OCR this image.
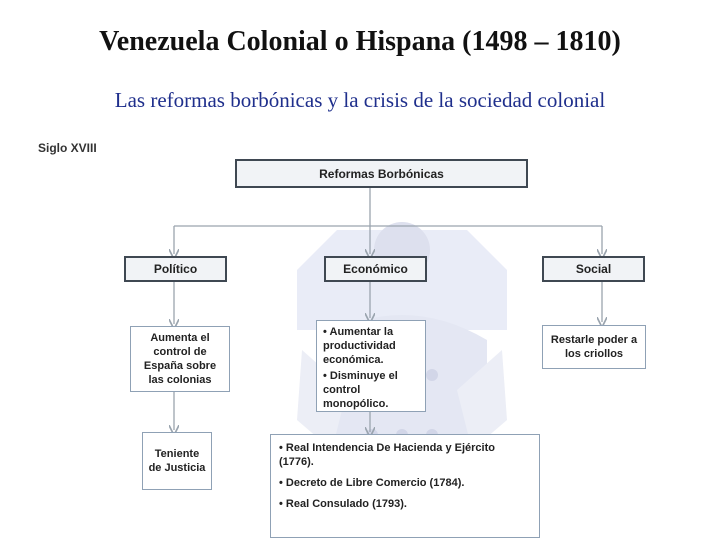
Venezuela Colonial o Hispana (1498 – 1810)
Las reformas borbónicas y la crisis de la sociedad colonial
Siglo XVIII
Reformas Borbónicas
Político	Económico	Social
Aumenta el control de España sobre las colonias
• Aumentar la productividad económica.
• Disminuye el control monopólico.
Restarle poder a los criollos
Teniente de Justicia
• Real Intendencia De Hacienda y Ejército (1776).
• Decreto de Libre Comercio (1784).
• Real Consulado (1793).
